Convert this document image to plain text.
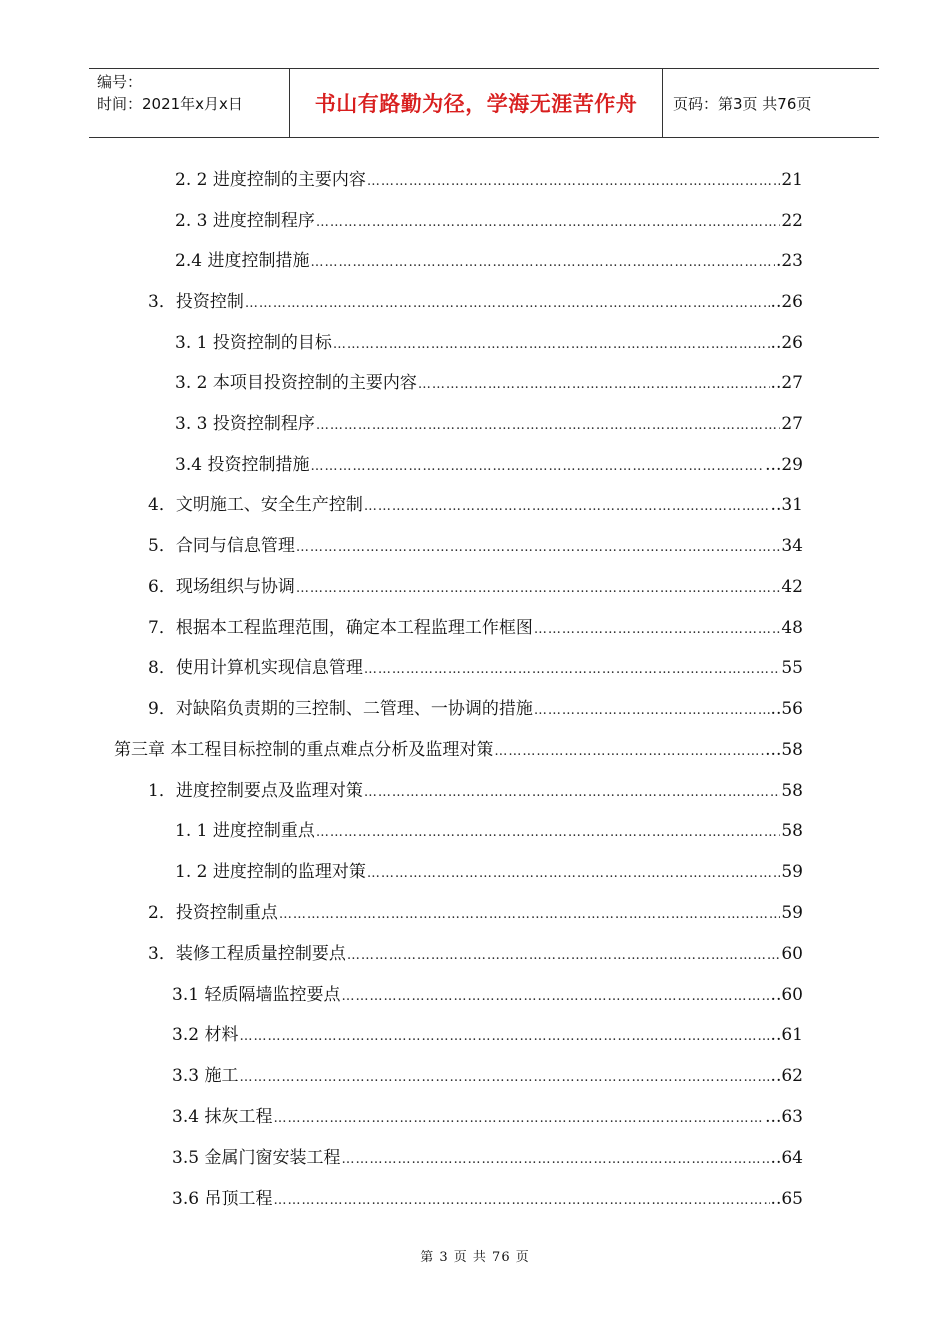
编号：
时间：2021年x月x日	书山有路勤为径，学海无涯苦作舟	页码：第3页 共76页
2. 2 进度控制的主要内容 …………………………………………………………………………………………………………………………………………………………………………………………………………………………………………………………………………	21
2. 3 进度控制程序 …………………………………………………………………………………………………………………………………………………………………………………………………………………………………………………………………………	22
2.4 进度控制措施 …………………………………………………………………………………………………………………………………………………………………………………………………………………………………………………………………………	.23
3．投资控制 …………………………………………………………………………………………………………………………………………………………………………………………………………………………………………………………………………	..26
3. 1 投资控制的目标 …………………………………………………………………………………………………………………………………………………………………………………………………………………………………………………………………………	..26
3. 2 本项目投资控制的主要内容 …………………………………………………………………………………………………………………………………………………………………………………………………………………………………………………………………………	..27
3. 3 投资控制程序 …………………………………………………………………………………………………………………………………………………………………………………………………………………………………………………………………………	27
3.4 投资控制措施 …………………………………………………………………………………………………………………………………………………………………………………………………………………………………………………………………………	...29
4．文明施工、安全生产控制 …………………………………………………………………………………………………………………………………………………………………………………………………………………………………………………………………………	..31
5．合同与信息管理 …………………………………………………………………………………………………………………………………………………………………………………………………………………………………………………………………………	34
6．现场组织与协调 …………………………………………………………………………………………………………………………………………………………………………………………………………………………………………………………………………	42
7．根据本工程监理范围，确定本工程监理工作框图 …………………………………………………………………………………………………………………………………………………………………………………………………………………………………………………………………………	48
8．使用计算机实现信息管理 …………………………………………………………………………………………………………………………………………………………………………………………………………………………………………………………………………	55
9．对缺陷负责期的三控制、二管理、一协调的措施 …………………………………………………………………………………………………………………………………………………………………………………………………………………………………………………………………………	..56
第三章 本工程目标控制的重点难点分析及监理对策 …………………………………………………………………………………………………………………………………………………………………………………………………………………………………………………………………………	...58
1．进度控制要点及监理对策 …………………………………………………………………………………………………………………………………………………………………………………………………………………………………………………………………………	58
1. 1 进度控制重点 …………………………………………………………………………………………………………………………………………………………………………………………………………………………………………………………………………	58
1. 2 进度控制的监理对策 …………………………………………………………………………………………………………………………………………………………………………………………………………………………………………………………………………	59
2．投资控制重点 …………………………………………………………………………………………………………………………………………………………………………………………………………………………………………………………………………	59
3．装修工程质量控制要点 …………………………………………………………………………………………………………………………………………………………………………………………………………………………………………………………………………	60
3.1 轻质隔墙监控要点 …………………………………………………………………………………………………………………………………………………………………………………………………………………………………………………………………………	..60
3.2 材料 …………………………………………………………………………………………………………………………………………………………………………………………………………………………………………………………………………	..61
3.3 施工 …………………………………………………………………………………………………………………………………………………………………………………………………………………………………………………………………………	..62
3.4 抹灰工程 …………………………………………………………………………………………………………………………………………………………………………………………………………………………………………………………………………	...63
3.5 金属门窗安装工程 …………………………………………………………………………………………………………………………………………………………………………………………………………………………………………………………………………	..64
3.6 吊顶工程 …………………………………………………………………………………………………………………………………………………………………………………………………………………………………………………………………………	..65
第 3 页 共 76 页
